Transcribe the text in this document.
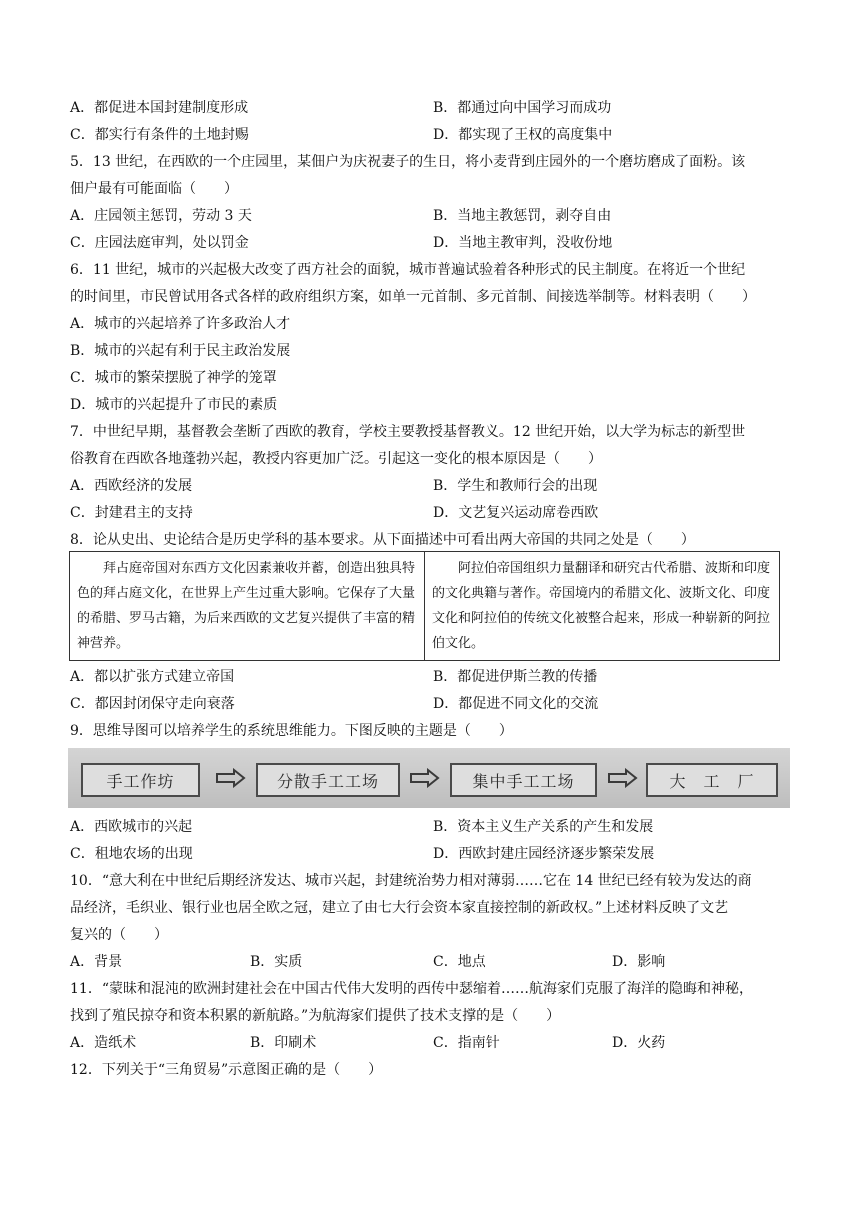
A．都促进本国封建制度形成	B．都通过向中国学习而成功
C．都实行有条件的土地封赐	D．都实现了王权的高度集中
5．13 世纪，在西欧的一个庄园里，某佃户为庆祝妻子的生日，将小麦背到庄园外的一个磨坊磨成了面粉。该
佃户最有可能面临（　　）
A．庄园领主惩罚，劳动 3 天	B．当地主教惩罚，剥夺自由
C．庄园法庭审判，处以罚金	D．当地主教审判，没收份地
6．11 世纪，城市的兴起极大改变了西方社会的面貌，城市普遍试验着各种形式的民主制度。在将近一个世纪
的时间里，市民曾试用各式各样的政府组织方案，如单一元首制、多元首制、间接选举制等。材料表明（　　）
A．城市的兴起培养了许多政治人才
B．城市的兴起有利于民主政治发展
C．城市的繁荣摆脱了神学的笼罩
D．城市的兴起提升了市民的素质
7．中世纪早期，基督教会垄断了西欧的教育，学校主要教授基督教义。12 世纪开始，以大学为标志的新型世
俗教育在西欧各地蓬勃兴起，教授内容更加广泛。引起这一变化的根本原因是（　　）
A．西欧经济的发展	B．学生和教师行会的出现
C．封建君主的支持	D．文艺复兴运动席卷西欧
8．论从史出、史论结合是历史学科的基本要求。从下面描述中可看出两大帝国的共同之处是（　　）
拜占庭帝国对东西方文化因素兼收并蓄，创造出独具特色的拜占庭文化，在世界上产生过重大影响。它保存了大量的希腊、罗马古籍，为后来西欧的文艺复兴提供了丰富的精神营养。	阿拉伯帝国组织力量翻译和研究古代希腊、波斯和印度的文化典籍与著作。帝国境内的希腊文化、波斯文化、印度文化和阿拉伯的传统文化被整合起来，形成一种崭新的阿拉伯文化。
A．都以扩张方式建立帝国	B．都促进伊斯兰教的传播
C．都因封闭保守走向衰落	D．都促进不同文化的交流
9．思维导图可以培养学生的系统思维能力。下图反映的主题是（　　）
手工作坊	分散手工工场	集中手工工场	大　工　厂
A．西欧城市的兴起	B．资本主义生产关系的产生和发展
C．租地农场的出现	D．西欧封建庄园经济逐步繁荣发展
10．“意大利在中世纪后期经济发达、城市兴起，封建统治势力相对薄弱……它在 14 世纪已经有较为发达的商
品经济，毛织业、银行业也居全欧之冠，建立了由七大行会资本家直接控制的新政权。”上述材料反映了文艺
复兴的（　　）
A．背景	B．实质	C．地点	D．影响
11．“蒙昧和混沌的欧洲封建社会在中国古代伟大发明的西传中瑟缩着……航海家们克服了海洋的隐晦和神秘，
找到了殖民掠夺和资本积累的新航路。”为航海家们提供了技术支撑的是（　　）
A．造纸术	B．印刷术	C．指南针	D．火药
12．下列关于“三角贸易”示意图正确的是（　　）
